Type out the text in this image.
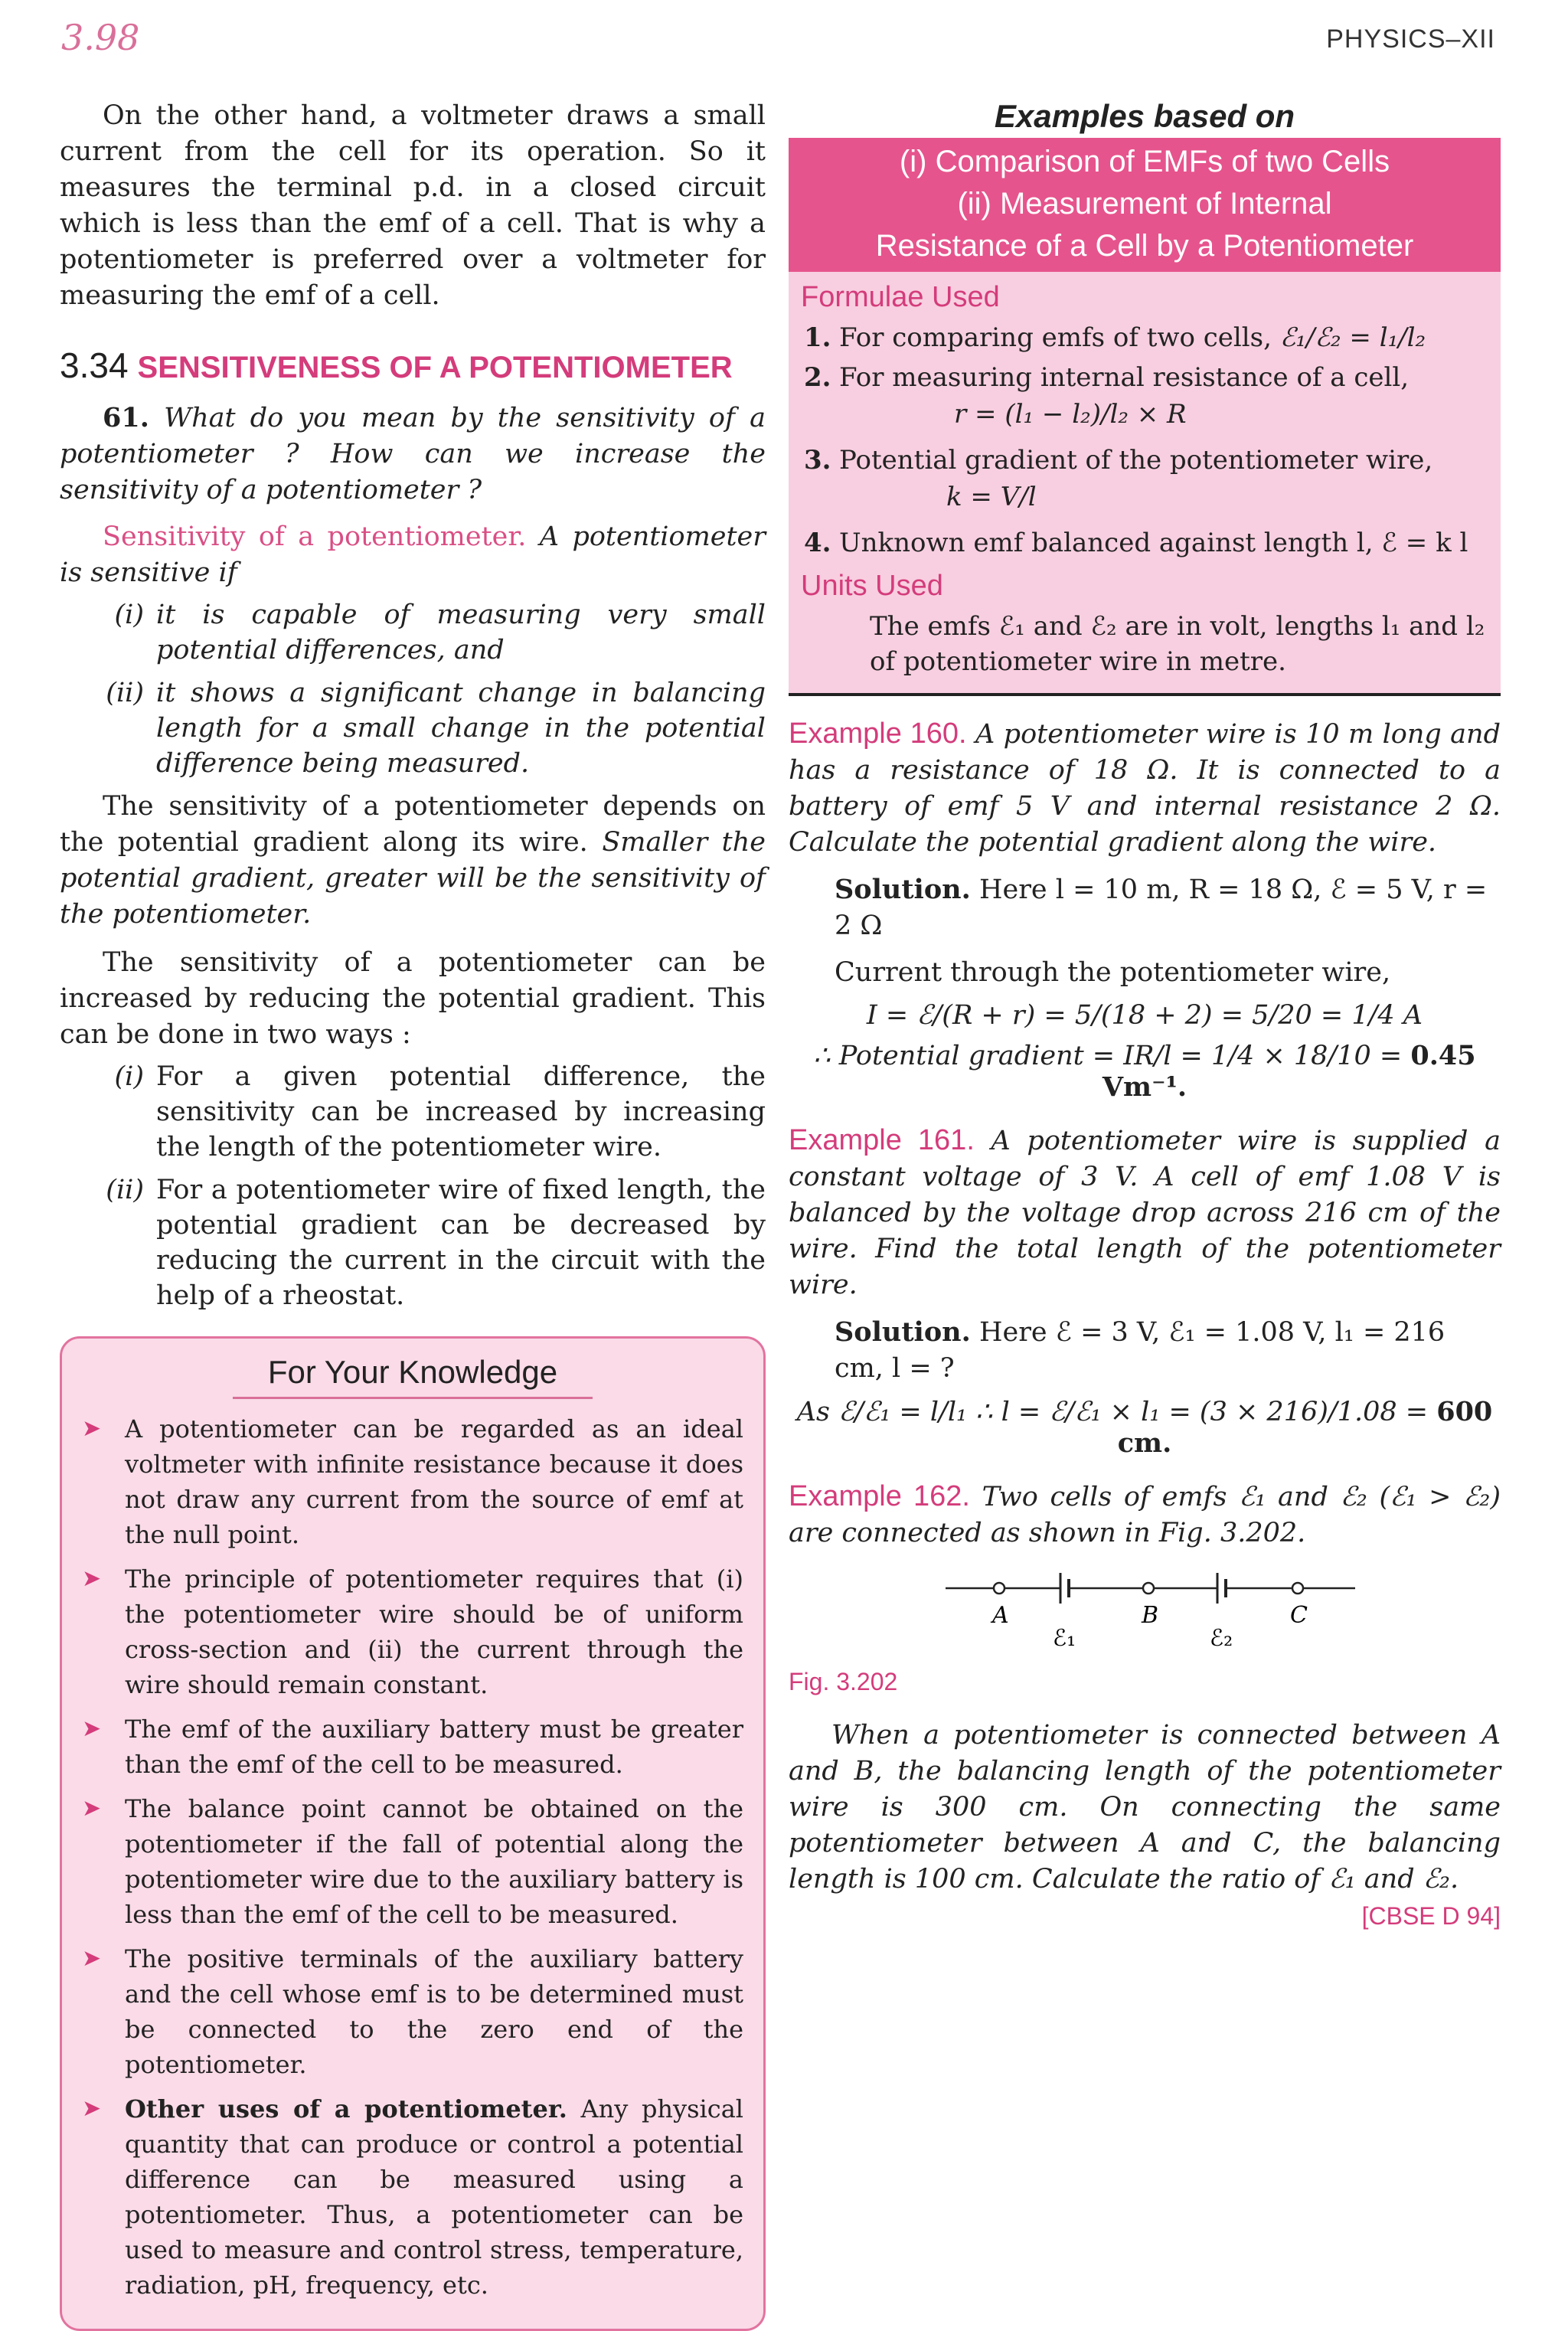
3.98	PHYSICS–XII

On the other hand, a voltmeter draws a small current from the cell for its operation. So it measures the terminal p.d. in a closed circuit which is less than the emf of a cell. That is why a potentiometer is preferred over a voltmeter for measuring the emf of a cell.

3.34 SENSITIVENESS OF A POTENTIOMETER

61. What do you mean by the sensitivity of a potentiometer ? How can we increase the sensitivity of a potentiometer ?

Sensitivity of a potentiometer. A potentiometer is sensitive if

(i) it is capable of measuring very small potential differences, and
(ii) it shows a significant change in balancing length for a small change in the potential difference being measured.

The sensitivity of a potentiometer depends on the potential gradient along its wire. Smaller the potential gradient, greater will be the sensitivity of the potentiometer.

The sensitivity of a potentiometer can be increased by reducing the potential gradient. This can be done in two ways :

(i) For a given potential difference, the sensitivity can be increased by increasing the length of the potentiometer wire.
(ii) For a potentiometer wire of fixed length, the potential gradient can be decreased by reducing the current in the circuit with the help of a rheostat.
For Your Knowledge
➤ A potentiometer can be regarded as an ideal voltmeter with infinite resistance because it does not draw any current from the source of emf at the null point.
➤ The principle of potentiometer requires that (i) the potentiometer wire should be of uniform cross-section and (ii) the current through the wire should remain constant.
➤ The emf of the auxiliary battery must be greater than the emf of the cell to be measured.
➤ The balance point cannot be obtained on the potentiometer if the fall of potential along the potentiometer wire due to the auxiliary battery is less than the emf of the cell to be measured.
➤ The positive terminals of the auxiliary battery and the cell whose emf is to be determined must be connected to the zero end of the potentiometer.
➤ Other uses of a potentiometer. Any physical quantity that can produce or control a potential difference can be measured using a potentiometer. Thus, a potentiometer can be used to measure and control stress, temperature, radiation, pH, frequency, etc.
Examples based on
(i) Comparison of EMFs of two Cells
(ii) Measurement of Internal
Resistance of a Cell by a Potentiometer
Formulae Used
1. For comparing emfs of two cells, ℰ₁/ℰ₂ = l₁/l₂
2. For measuring internal resistance of a cell,
r = (l₁ − l₂)/l₂ × R
3. Potential gradient of the potentiometer wire,
k = V/l
4. Unknown emf balanced against length l, ℰ = k l
Units Used
The emfs ℰ₁ and ℰ₂ are in volt, lengths l₁ and l₂ of potentiometer wire in metre.
Example 160. A potentiometer wire is 10 m long and has a resistance of 18 Ω. It is connected to a battery of emf 5 V and internal resistance 2 Ω. Calculate the potential gradient along the wire.
Solution. Here l = 10 m, R = 18 Ω, ℰ = 5 V, r = 2 Ω
Current through the potentiometer wire,
I = ℰ/(R + r) = 5/(18 + 2) = 5/20 = 1/4 A
∴ Potential gradient = IR/l = 1/4 × 18/10 = 0.45 Vm⁻¹.
Example 161. A potentiometer wire is supplied a constant voltage of 3 V. A cell of emf 1.08 V is balanced by the voltage drop across 216 cm of the wire. Find the total length of the potentiometer wire.
Solution. Here ℰ = 3 V, ℰ₁ = 1.08 V, l₁ = 216 cm, l = ?
As ℰ/ℰ₁ = l/l₁ ∴ l = ℰ/ℰ₁ × l₁ = (3 × 216)/1.08 = 600 cm.
Example 162. Two cells of emfs ℰ₁ and ℰ₂ (ℰ₁ > ℰ₂) are connected as shown in Fig. 3.202.
A	B	C
ℰ₁	ℰ₂
Fig. 3.202

When a potentiometer is connected between A and B, the balancing length of the potentiometer wire is 300 cm. On connecting the same potentiometer between A and C, the balancing length is 100 cm. Calculate the ratio of ℰ₁ and ℰ₂.

[CBSE D 94]
